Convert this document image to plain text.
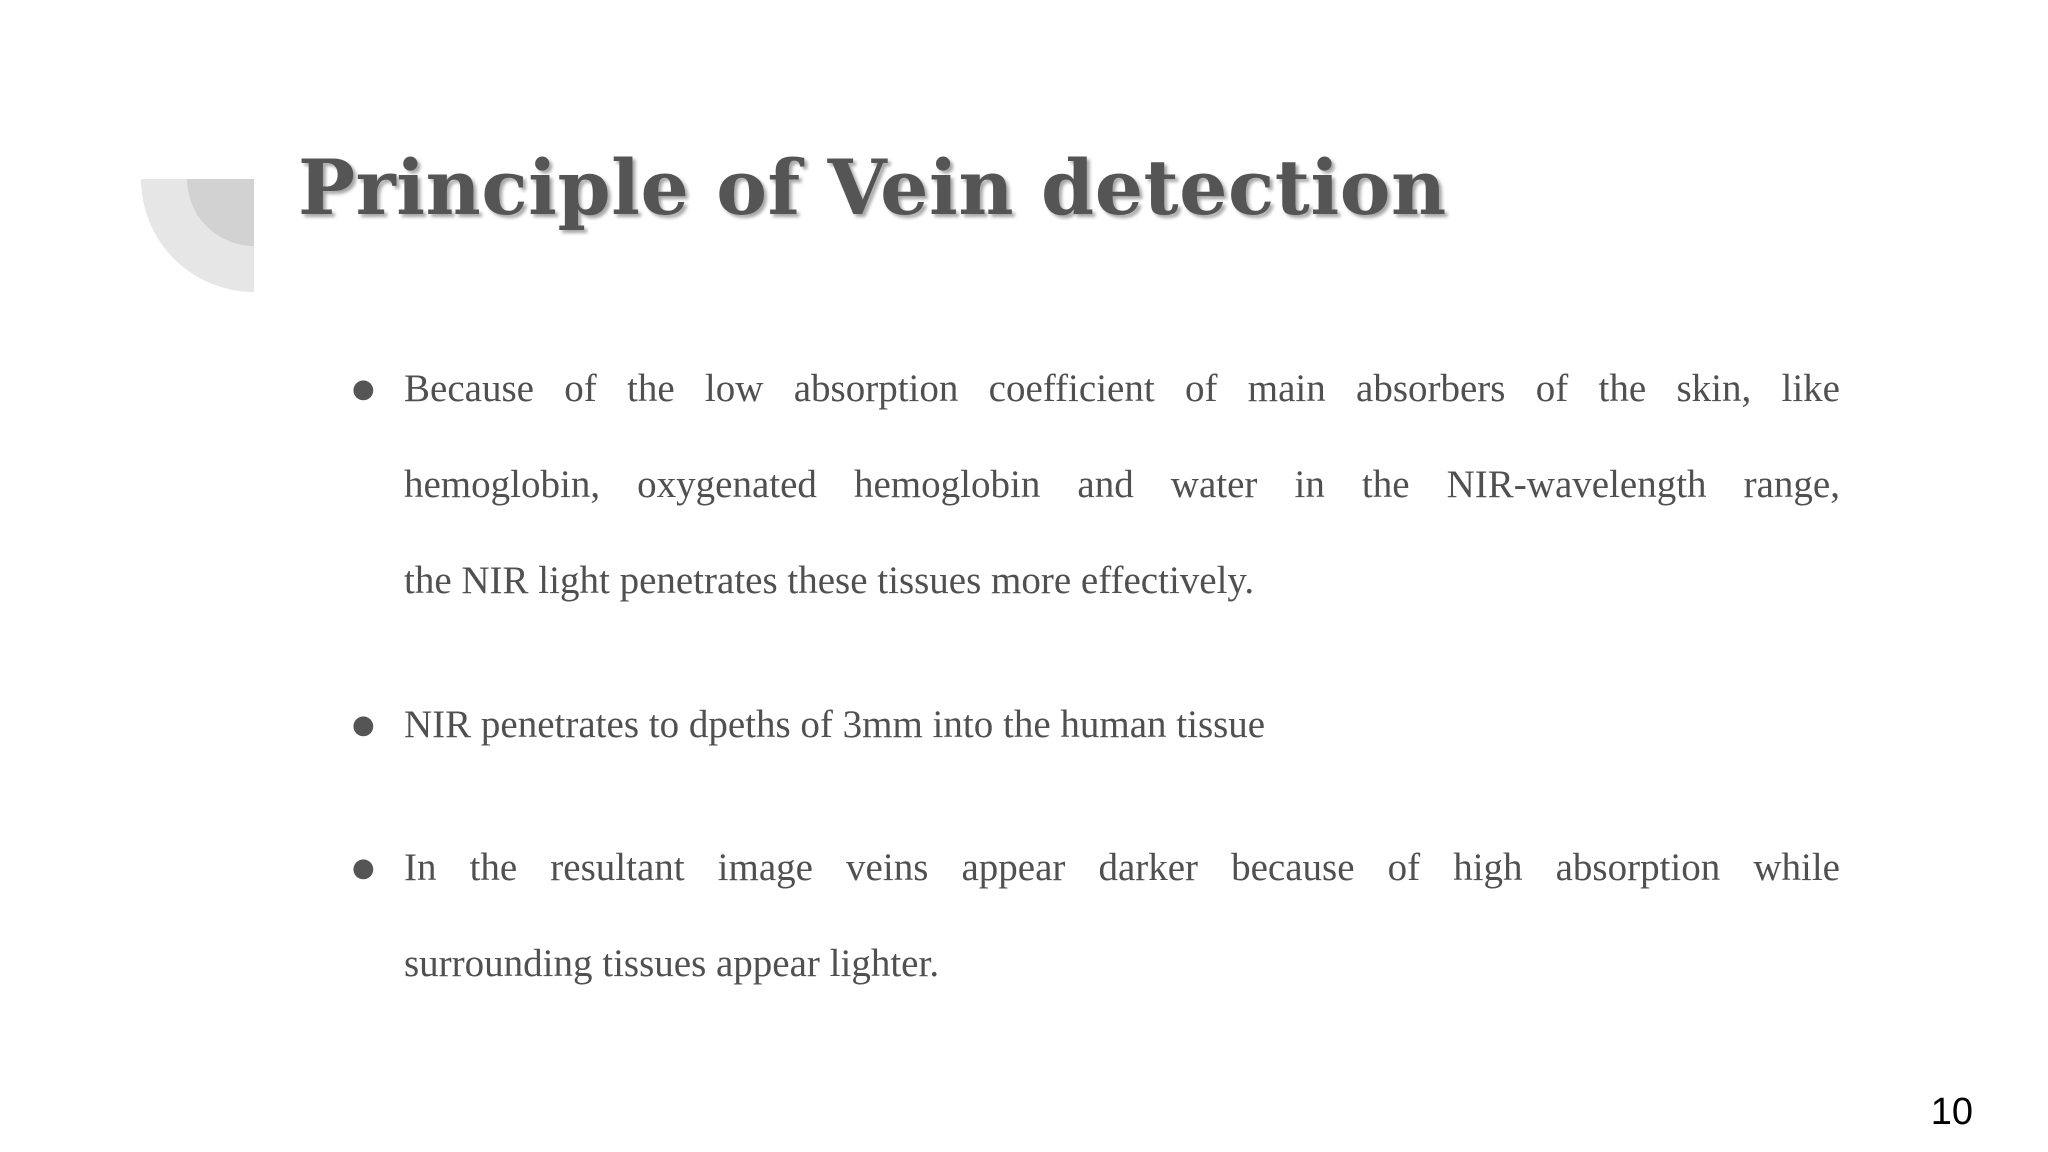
Principle of Vein detection
● Because of the low absorption coefficient of main absorbers of the skin, like
hemoglobin, oxygenated hemoglobin and water in the NIR-wavelength range,
the NIR light penetrates these tissues more effectively.
● NIR penetrates to dpeths of 3mm into the human tissue
● In the resultant image veins appear darker because of high absorption while
surrounding tissues appear lighter.
10
